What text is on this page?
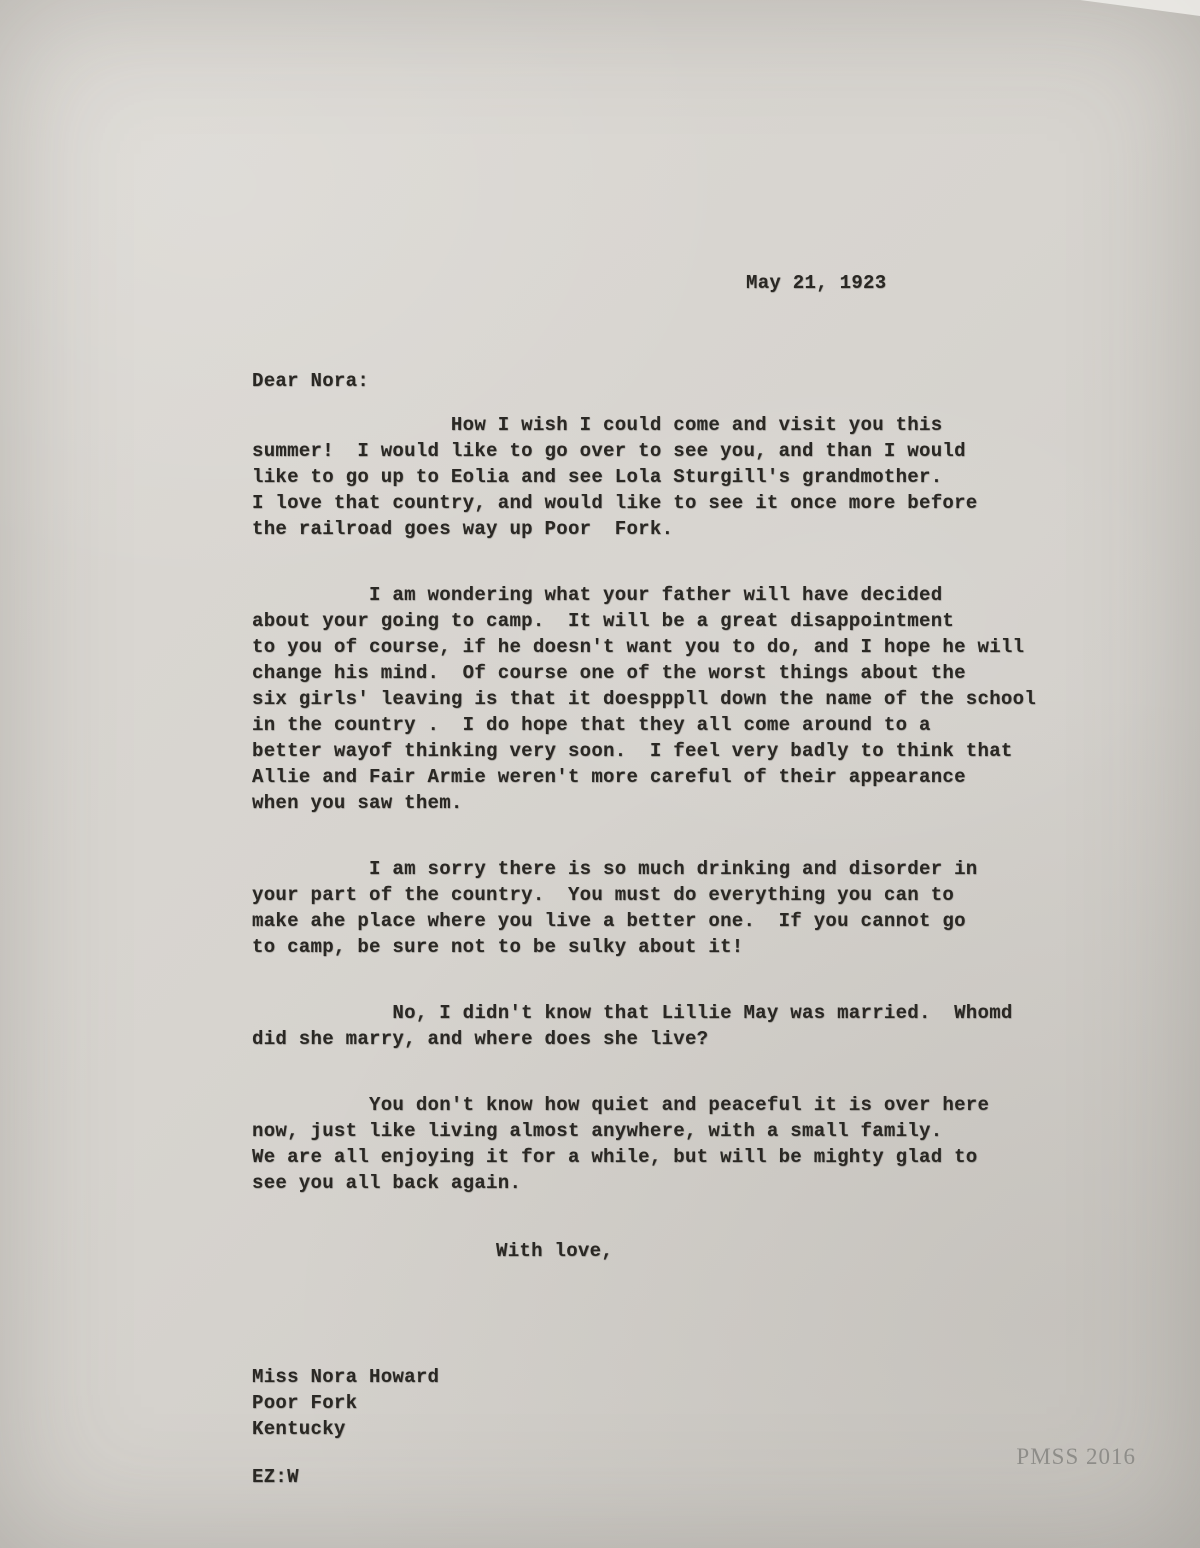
May 21, 1923
Dear Nora:
How I wish I could come and visit you this
summer!  I would like to go over to see you, and than I would
like to go up to Eolia and see Lola Sturgill's grandmother.
I love that country, and would like to see it once more before
the railroad goes way up Poor  Fork.
I am wondering what your father will have decided
about your going to camp.  It will be a great disappointment
to you of course, if he doesn't want you to do, and I hope he will
change his mind.  Of course one of the worst things about the
six girls' leaving is that it doespppll down the name of the school
in the country .  I do hope that they all come around to a
better wayof thinking very soon.  I feel very badly to think that
Allie and Fair Armie weren't more careful of their appearance
when you saw them.
I am sorry there is so much drinking and disorder in
your part of the country.  You must do everything you can to
make ahe place where you live a better one.  If you cannot go
to camp, be sure not to be sulky about it!
No, I didn't know that Lillie May was married.  Whomd
did she marry, and where does she live?
You don't know how quiet and peaceful it is over here
now, just like living almost anywhere, with a small family.
We are all enjoying it for a while, but will be mighty glad to
see you all back again.
With love,
Miss Nora Howard
Poor Fork
Kentucky
EZ:W
PMSS 2016
